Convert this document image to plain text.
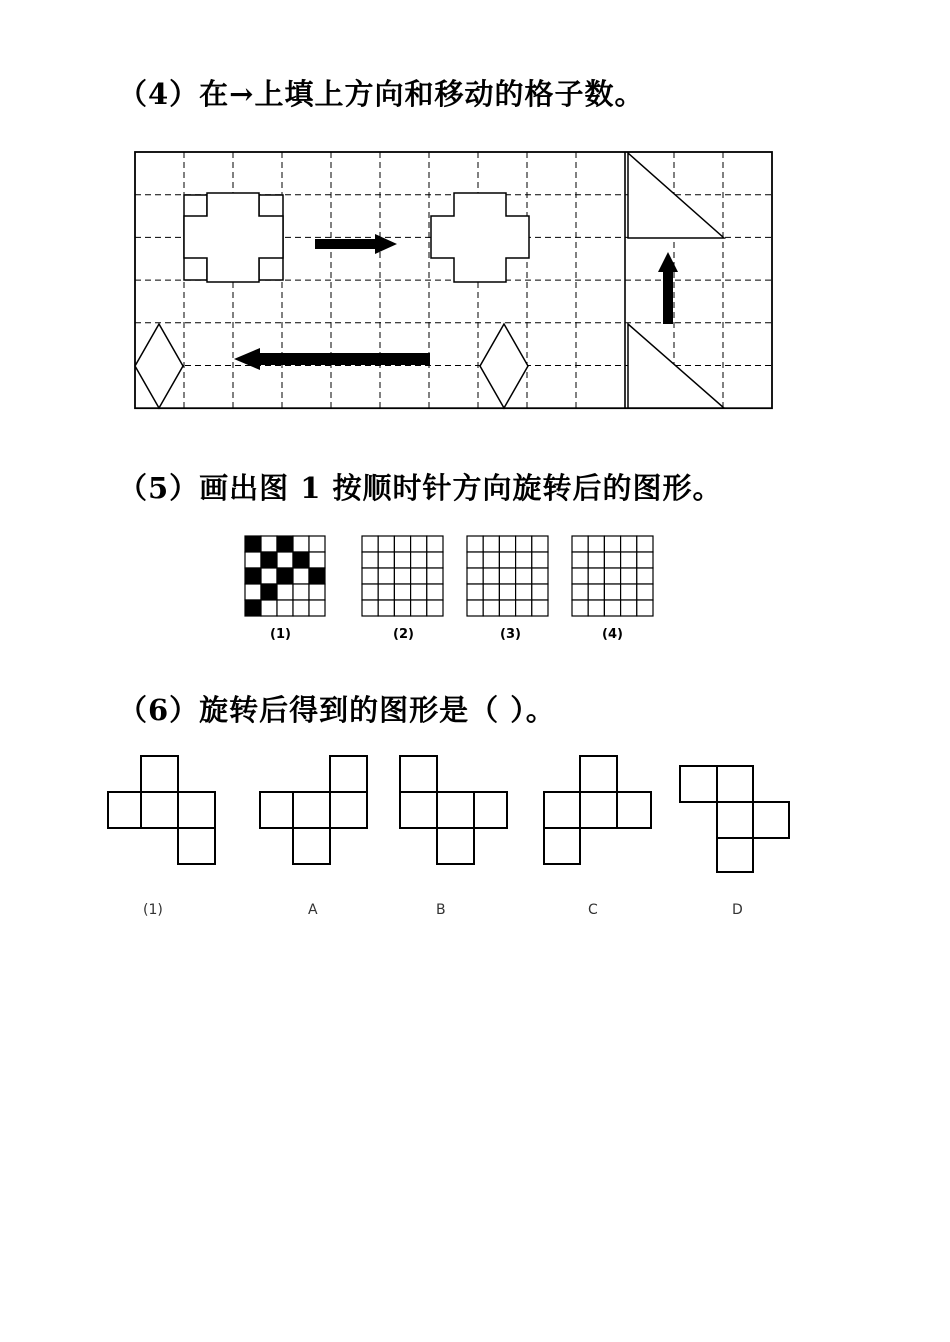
（4）在→上填上方向和移动的格子数。
（5）画出图 1 按顺时针方向旋转后的图形。
(1)	(2)	(3)	(4)
（6）旋转后得到的图形是（ ）。
(1)	A	B	C	D
